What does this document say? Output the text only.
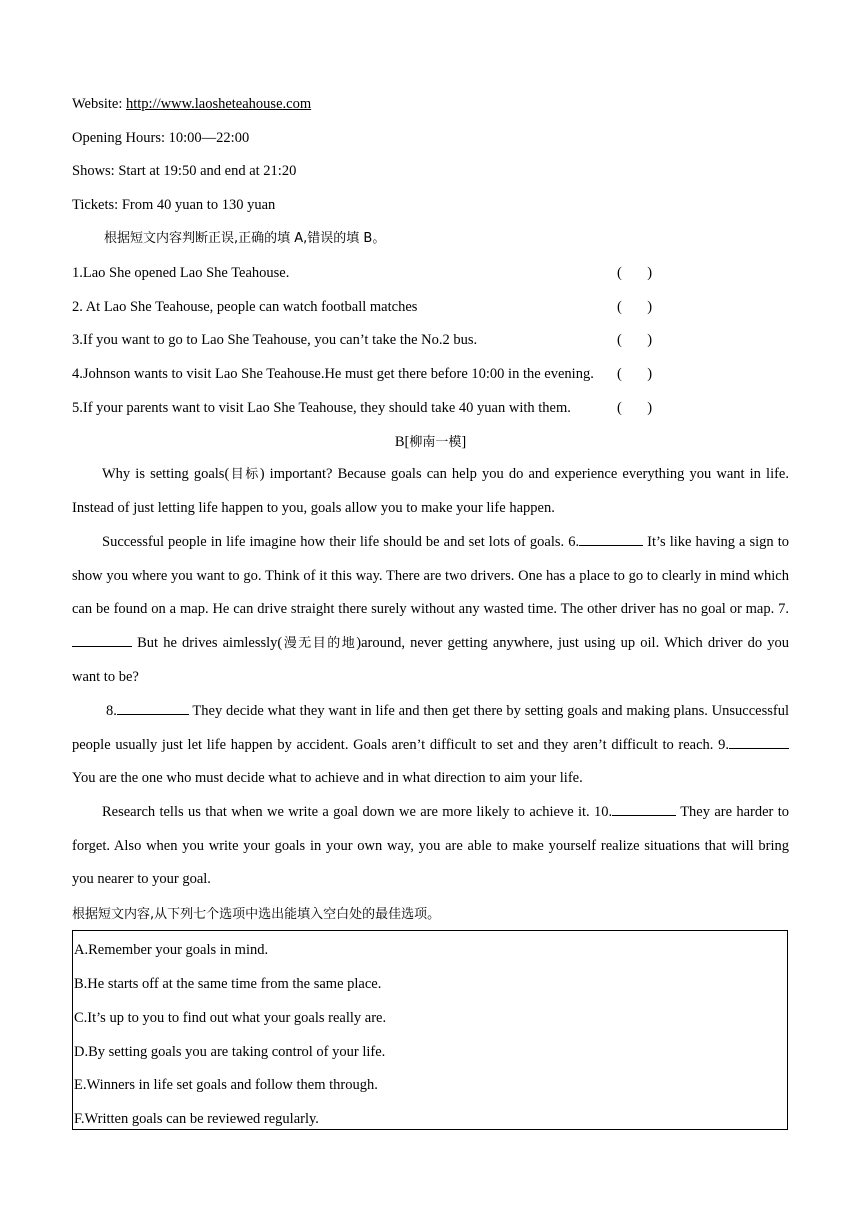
Website: http://www.laosheteahouse.com
Opening Hours: 10:00—22:00
Shows: Start at 19:50 and end at 21:20
Tickets: From 40 yuan to 130 yuan
根据短文内容判断正误,正确的填 A,错误的填 B。
1.Lao She opened Lao She Teahouse.	(       )
2. At Lao She Teahouse, people can watch football matches	(       )
3.If you want to go to Lao She Teahouse, you can’t take the No.2 bus.	(       )
4.Johnson wants to visit Lao She Teahouse.He must get there before 10:00 in the evening.	(       )
5.If your parents want to visit Lao She Teahouse, they should take 40 yuan with them.	(       )
B[柳南一模]
Why is setting goals(目标) important? Because goals can help you do and experience everything you want in life. Instead of just letting life happen to you, goals allow you to make your life happen.
Successful people in life imagine how their life should be and set lots of goals. 6.	It’s like having a sign to show you where you want to go. Think of it this way. There are two drivers. One has a place to go to clearly in mind which can be found on a map. He can drive straight there surely without any wasted time. The other driver has no goal or map. 7. But he drives aimlessly(漫无目的地)around, never getting anywhere, just using up oil. Which driver do you want to be?
8.	They decide what they want in life and then get there by setting goals and making plans. Unsuccessful people usually just let life happen by accident. Goals aren’t difficult to set and they aren’t difficult to reach. 9. You are the one who must decide what to achieve and in what direction to aim your life.
Research tells us that when we write a goal down we are more likely to achieve it. 10.	They are harder to forget. Also when you write your goals in your own way, you are able to make yourself realize situations that will bring you nearer to your goal.
根据短文内容,从下列七个选项中选出能填入空白处的最佳选项。
A.Remember your goals in mind.
B.He starts off at the same time from the same place.
C.It’s up to you to find out what your goals really are.
D.By setting goals you are taking control of your life.
E.Winners in life set goals and follow them through.
F.Written goals can be reviewed regularly.
